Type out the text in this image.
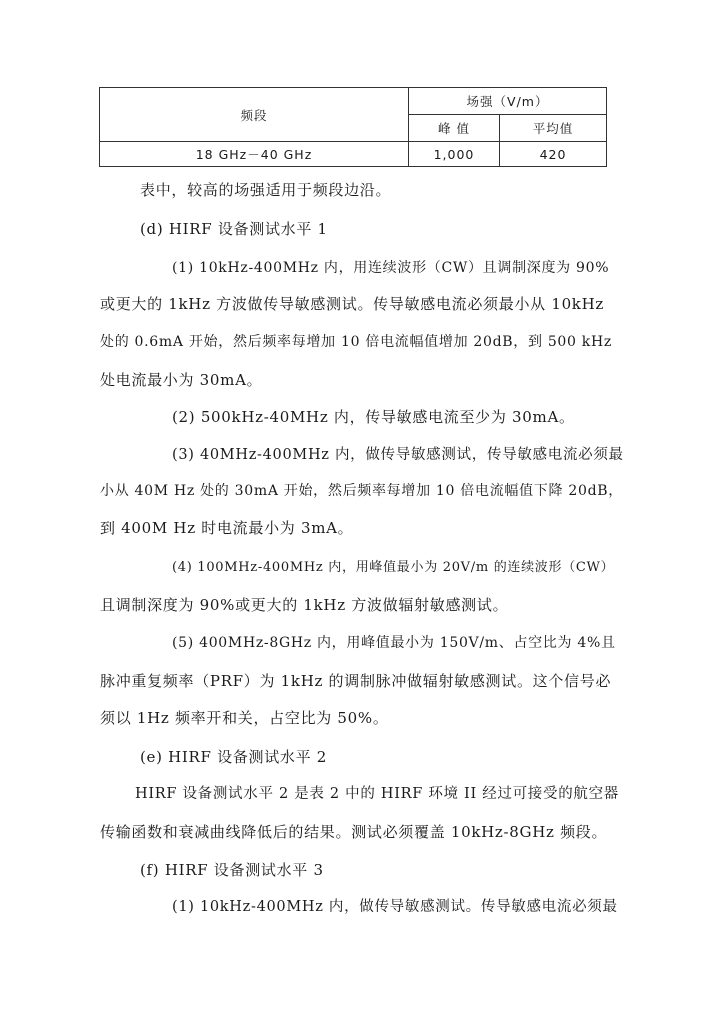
频段	场强（V/m）	
	峰 值	平均值
18 GHz－40 GHz	1,000	420
表中，较高的场强适用于频段边沿。
(d) HIRF 设备测试水平 1
(1) 10kHz-400MHz 内，用连续波形（CW）且调制深度为 90%
或更大的 1kHz 方波做传导敏感测试。传导敏感电流必须最小从 10kHz
处的 0.6mA 开始，然后频率每增加 10 倍电流幅值增加 20dB，到 500 kHz
处电流最小为 30mA。
(2) 500kHz-40MHz 内，传导敏感电流至少为 30mA。
(3) 40MHz-400MHz 内，做传导敏感测试，传导敏感电流必须最
小从 40M Hz 处的 30mA 开始，然后频率每增加 10 倍电流幅值下降 20dB，
到 400M Hz 时电流最小为 3mA。
(4) 100MHz-400MHz 内，用峰值最小为 20V/m 的连续波形（CW）
且调制深度为 90%或更大的 1kHz 方波做辐射敏感测试。
(5) 400MHz-8GHz 内，用峰值最小为 150V/m、占空比为 4%且
脉冲重复频率（PRF）为 1kHz 的调制脉冲做辐射敏感测试。这个信号必
须以 1Hz 频率开和关，占空比为 50%。
(e) HIRF 设备测试水平 2
HIRF 设备测试水平 2 是表 2 中的 HIRF 环境 II 经过可接受的航空器
传输函数和衰减曲线降低后的结果。测试必须覆盖 10kHz-8GHz 频段。
(f) HIRF 设备测试水平 3
(1) 10kHz-400MHz 内，做传导敏感测试。传导敏感电流必须最
